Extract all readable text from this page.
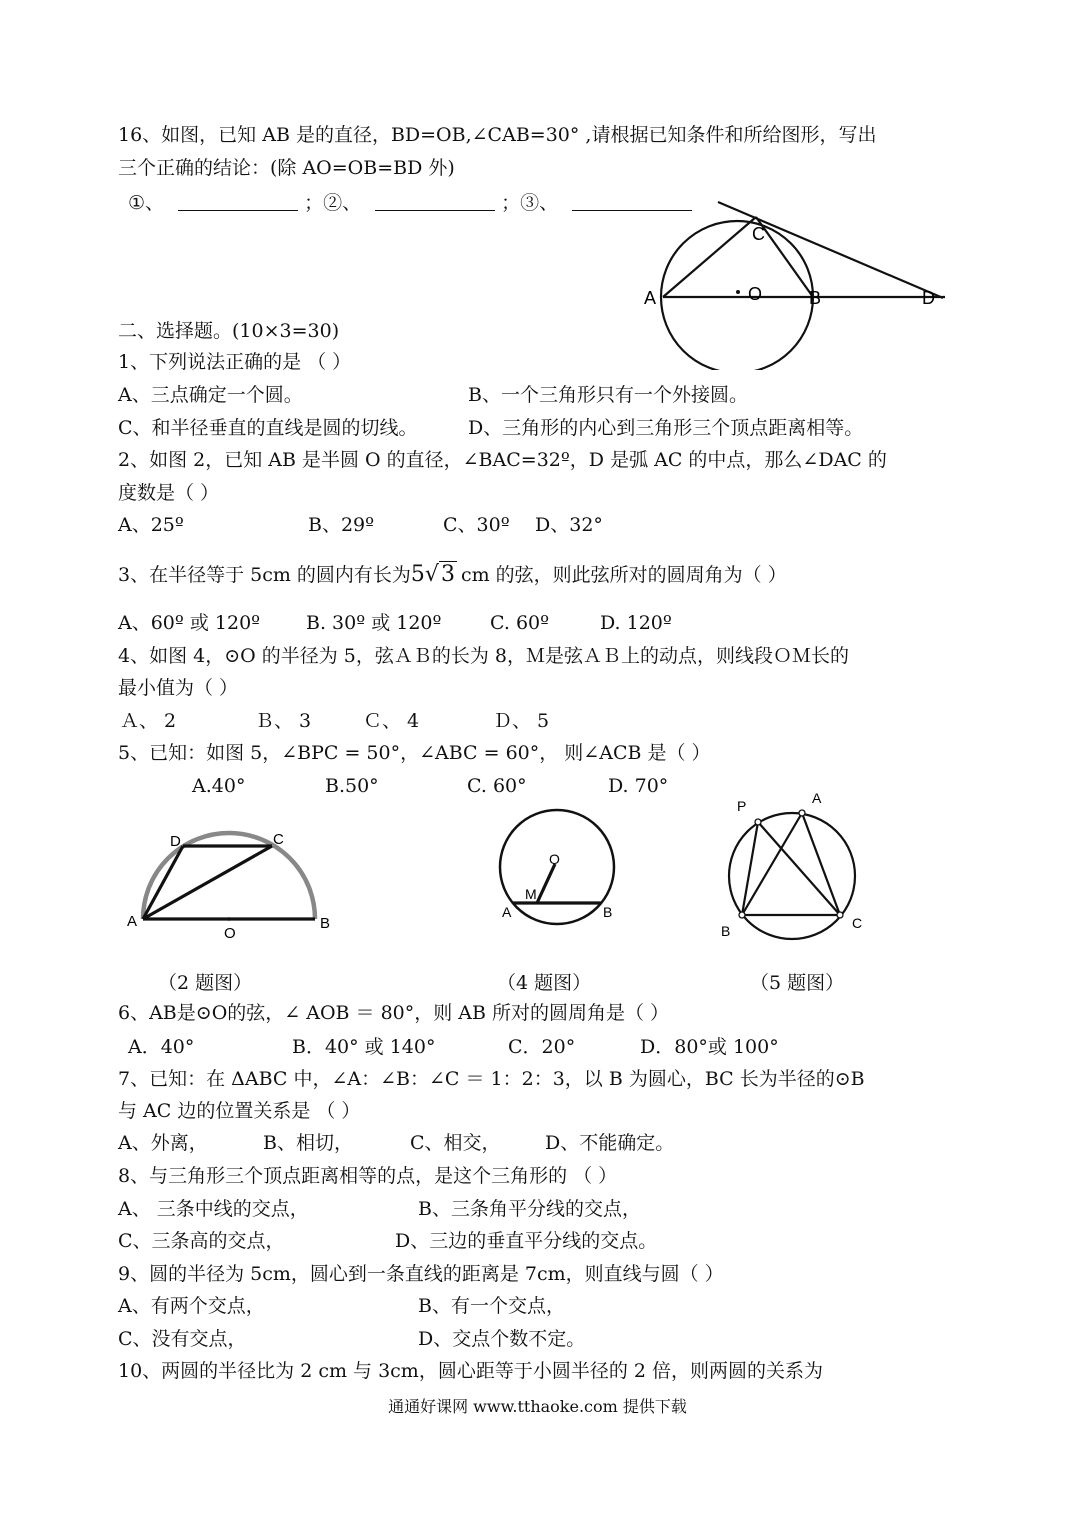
16、如图，已知 AB 是的直径，BD=OB,∠CAB=30° ,请根据已知条件和所给图形，写出
三个正确的结论：(除 AO=OB=BD 外)
①、	；②、	；③、
A	O	B
C
D
二、选择题。(10×3=30)
1、下列说法正确的是 （ ）
A、三点确定一个圆。	B、一个三角形只有一个外接圆。
C、和半径垂直的直线是圆的切线。	D、三角形的内心到三角形三个顶点距离相等。
2、如图 2，已知 AB 是半圆 O 的直径，∠BAC=32º，D 是弧 AC 的中点，那么∠DAC 的
度数是（ ）
A、25º	B、29º	C、30º D、32°
3、在半径等于 5cm 的圆内有长为5√3 cm 的弦，则此弦所对的圆周角为（ ）
A、60º 或 120º B. 30º 或 120º	C. 60º	D. 120º
4、如图 4，⊙O 的半径为 5，弦ＡＢ的长为 8，Ｍ是弦ＡＢ上的动点，则线段ＯＭ长的
最小值为（ ）
Ａ、 2	Ｂ、 3	Ｃ、 4	Ｄ、 5
5、已知：如图 5，∠BPC = 50°，∠ABC = 60°， 则∠ACB 是（ ）
A.40°	B.50°	C. 60°	D. 70°
A
O
B
C
D
A	B
M
O
P	A
B	C
（2 题图）	（4 题图）	（5 题图）
6、AB是⊙O的弦，∠ AOB ＝ 80°，则 AB 所对的圆周角是（ ）
A．40°	B．40° 或 140°	C．20°	D．80°或 100°
7、已知：在 ΔABC 中，∠A：∠B：∠C ＝ 1：2：3，以 B 为圆心，BC 长为半径的⊙B
与 AC 边的位置关系是 （ ）
A、外离，	B、相切，	C、相交， D、不能确定。
8、与三角形三个顶点距离相等的点，是这个三角形的 （ ）
A、 三条中线的交点，	B、三条角平分线的交点，
C、三条高的交点，	D、三边的垂直平分线的交点。
9、圆的半径为 5cm，圆心到一条直线的距离是 7cm，则直线与圆（ ）
A、有两个交点，	B、有一个交点，
C、没有交点，	D、交点个数不定。
10、两圆的半径比为 2 cm 与 3cm，圆心距等于小圆半径的 2 倍，则两圆的关系为
通通好课网 www.tthaoke.com 提供下载
